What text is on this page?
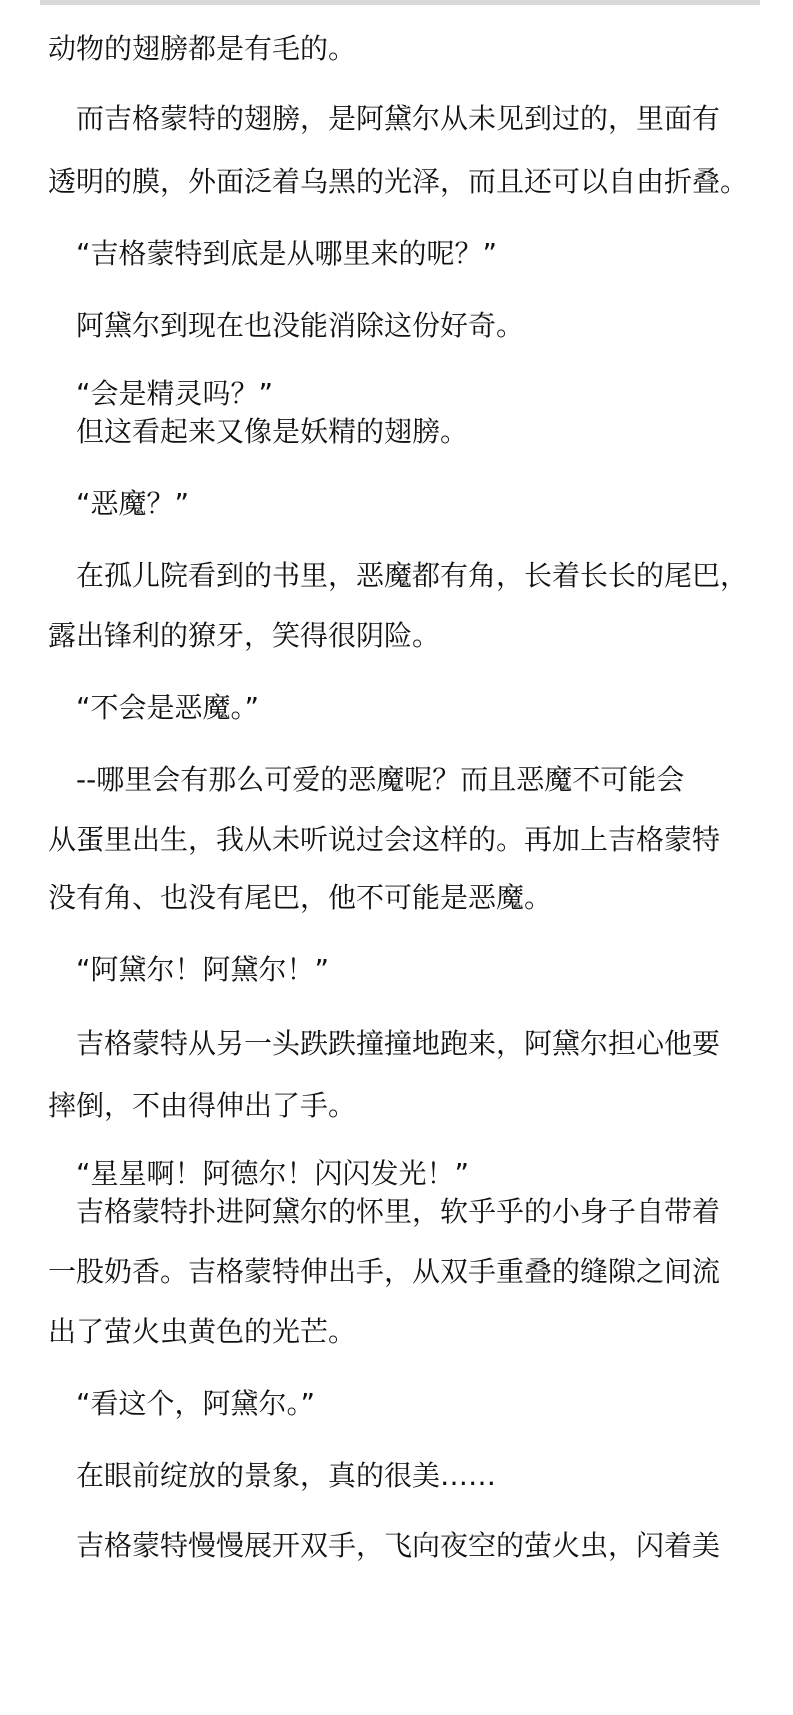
动物的翅膀都是有毛的。
而吉格蒙特的翅膀，是阿黛尔从未见到过的，里面有
透明的膜，外面泛着乌黑的光泽，而且还可以自由折叠。
“吉格蒙特到底是从哪里来的呢？”
阿黛尔到现在也没能消除这份好奇。
“会是精灵吗？”
但这看起来又像是妖精的翅膀。
“恶魔？”
在孤儿院看到的书里，恶魔都有角，长着长长的尾巴，
露出锋利的獠牙，笑得很阴险。
“不会是恶魔。”
--哪里会有那么可爱的恶魔呢？而且恶魔不可能会
从蛋里出生，我从未听说过会这样的。再加上吉格蒙特
没有角、也没有尾巴，他不可能是恶魔。
“阿黛尔！阿黛尔！”
吉格蒙特从另一头跌跌撞撞地跑来，阿黛尔担心他要
摔倒，不由得伸出了手。
“星星啊！阿德尔！闪闪发光！”
吉格蒙特扑进阿黛尔的怀里，软乎乎的小身子自带着
一股奶香。吉格蒙特伸出手，从双手重叠的缝隙之间流
出了萤火虫黄色的光芒。
“看这个，阿黛尔。”
在眼前绽放的景象，真的很美……
吉格蒙特慢慢展开双手，飞向夜空的萤火虫，闪着美
